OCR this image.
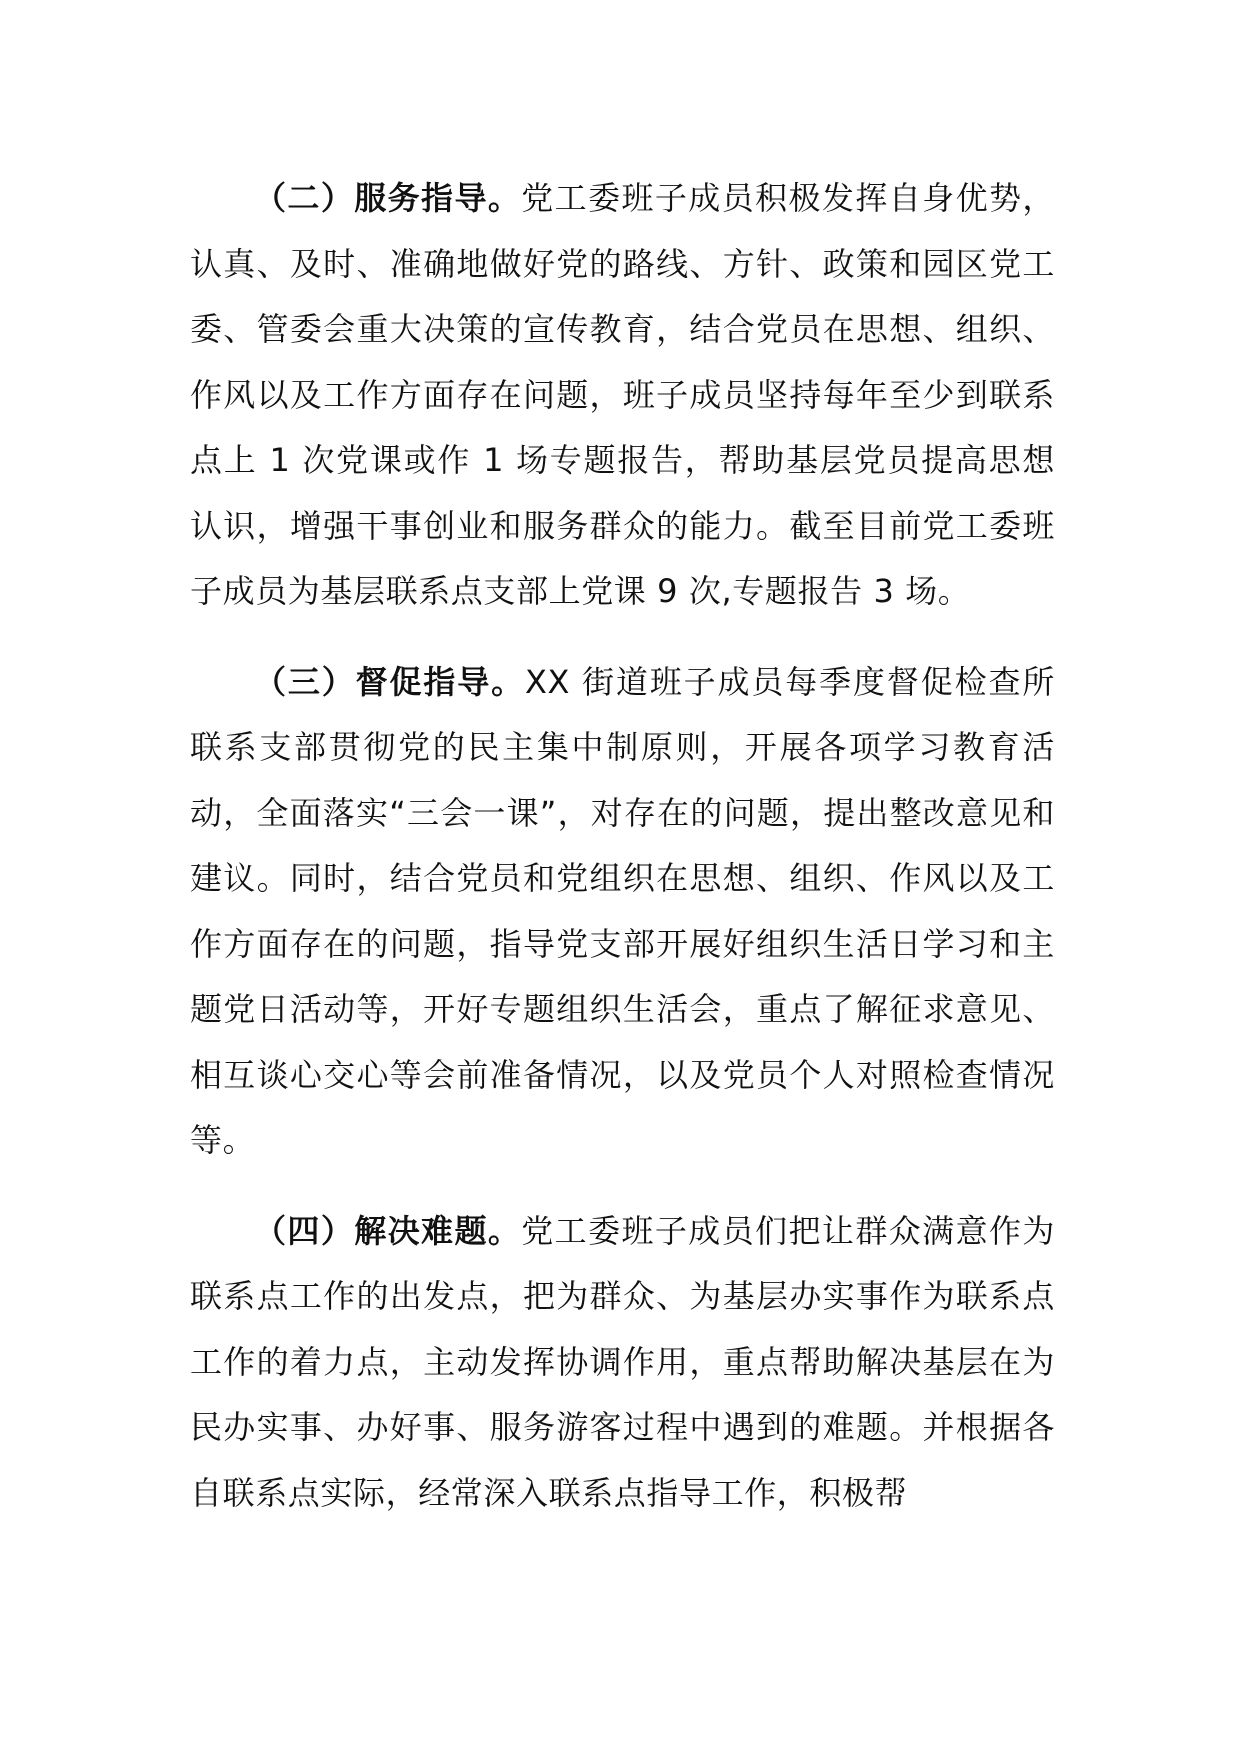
（二）服务指导。党工委班子成员积极发挥自身优势，认真、及时、准确地做好党的路线、方针、政策和园区党工委、管委会重大决策的宣传教育，结合党员在思想、组织、作风以及工作方面存在问题，班子成员坚持每年至少到联系点上 1 次党课或作 1 场专题报告，帮助基层党员提高思想认识，增强干事创业和服务群众的能力。截至目前党工委班子成员为基层联系点支部上党课 9 次,专题报告 3 场。

（三）督促指导。XX 街道班子成员每季度督促检查所联系支部贯彻党的民主集中制原则，开展各项学习教育活动，全面落实“三会一课”，对存在的问题，提出整改意见和建议。同时，结合党员和党组织在思想、组织、作风以及工作方面存在的问题，指导党支部开展好组织生活日学习和主题党日活动等，开好专题组织生活会，重点了解征求意见、相互谈心交心等会前准备情况，以及党员个人对照检查情况等。

（四）解决难题。党工委班子成员们把让群众满意作为联系点工作的出发点，把为群众、为基层办实事作为联系点工作的着力点，主动发挥协调作用，重点帮助解决基层在为民办实事、办好事、服务游客过程中遇到的难题。并根据各自联系点实际，经常深入联系点指导工作，积极帮
